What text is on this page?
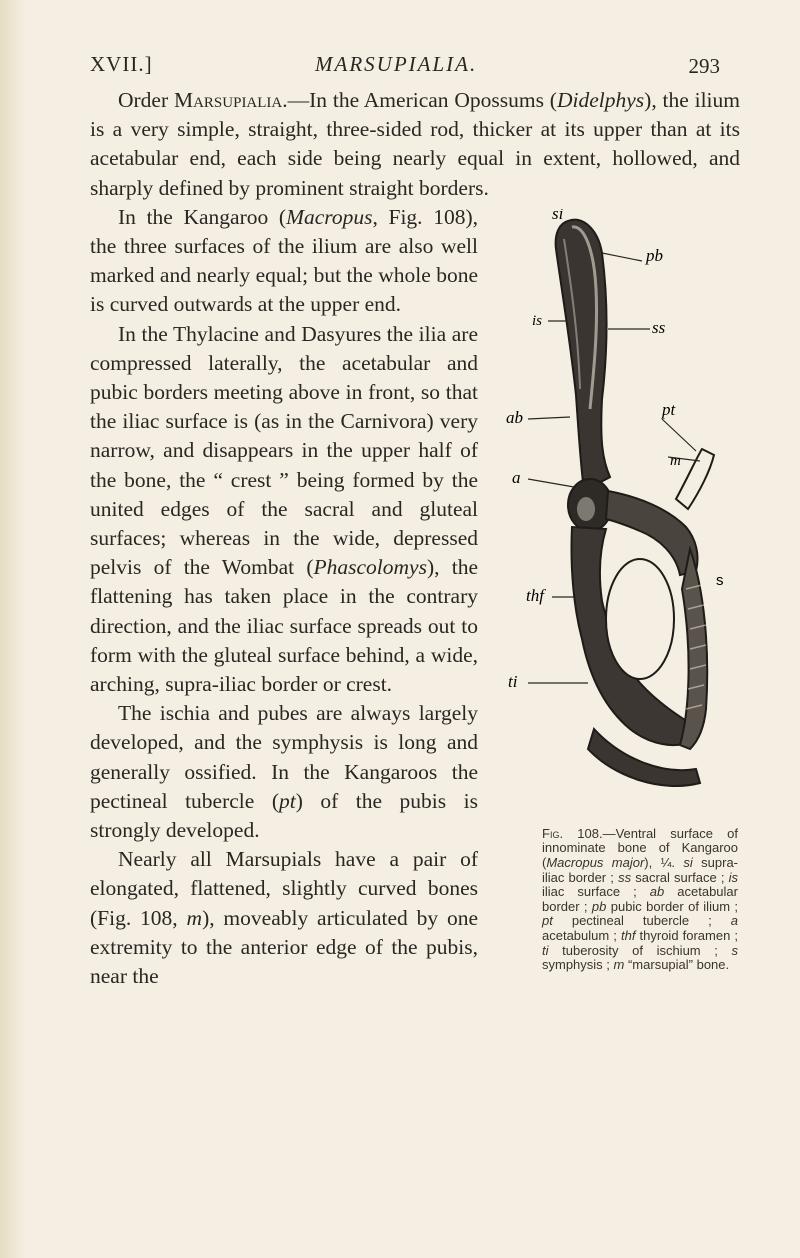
XVII.]	MARSUPIALIA.	293

Order Marsupialia.—In the American Opossums (Didelphys), the ilium is a very simple, straight, three-sided rod, thicker at its upper than at its acetabular end, each side being nearly equal in extent, hollowed, and sharply defined by prominent straight borders.

si
pb
ss
is
pt
ab
m
a
thf
s
ti
Fig. 108.—Ventral surface of innominate bone of Kangaroo (Macropus major), ¼. si supra-iliac border ; ss sacral surface ; is iliac surface ; ab acetabular border ; pb pubic border of ilium ; pt pectineal tubercle ; a acetabulum ; thf thyroid foramen ; ti tuberosity of ischium ; s symphysis ; m “marsupial” bone.

In the Kangaroo (Macropus, Fig. 108), the three surfaces of the ilium are also well marked and nearly equal; but the whole bone is curved outwards at the upper end.

In the Thylacine and Dasyures the ilia are compressed laterally, the acetabular and pubic borders meeting above in front, so that the iliac surface is (as in the Carnivora) very narrow, and disappears in the upper half of the bone, the “ crest ” being formed by the united edges of the sacral and gluteal surfaces; whereas in the wide, depressed pelvis of the Wombat (Phascolomys), the flattening has taken place in the contrary direction, and the iliac surface spreads out to form with the gluteal surface behind, a wide, arching, supra-iliac border or crest.

The ischia and pubes are always largely developed, and the symphysis is long and generally ossified. In the Kangaroos the pectineal tubercle (pt) of the pubis is strongly developed.

Nearly all Marsupials have a pair of elongated, flattened, slightly curved bones (Fig. 108, m), moveably articulated by one extremity to the anterior edge of the pubis, near the
